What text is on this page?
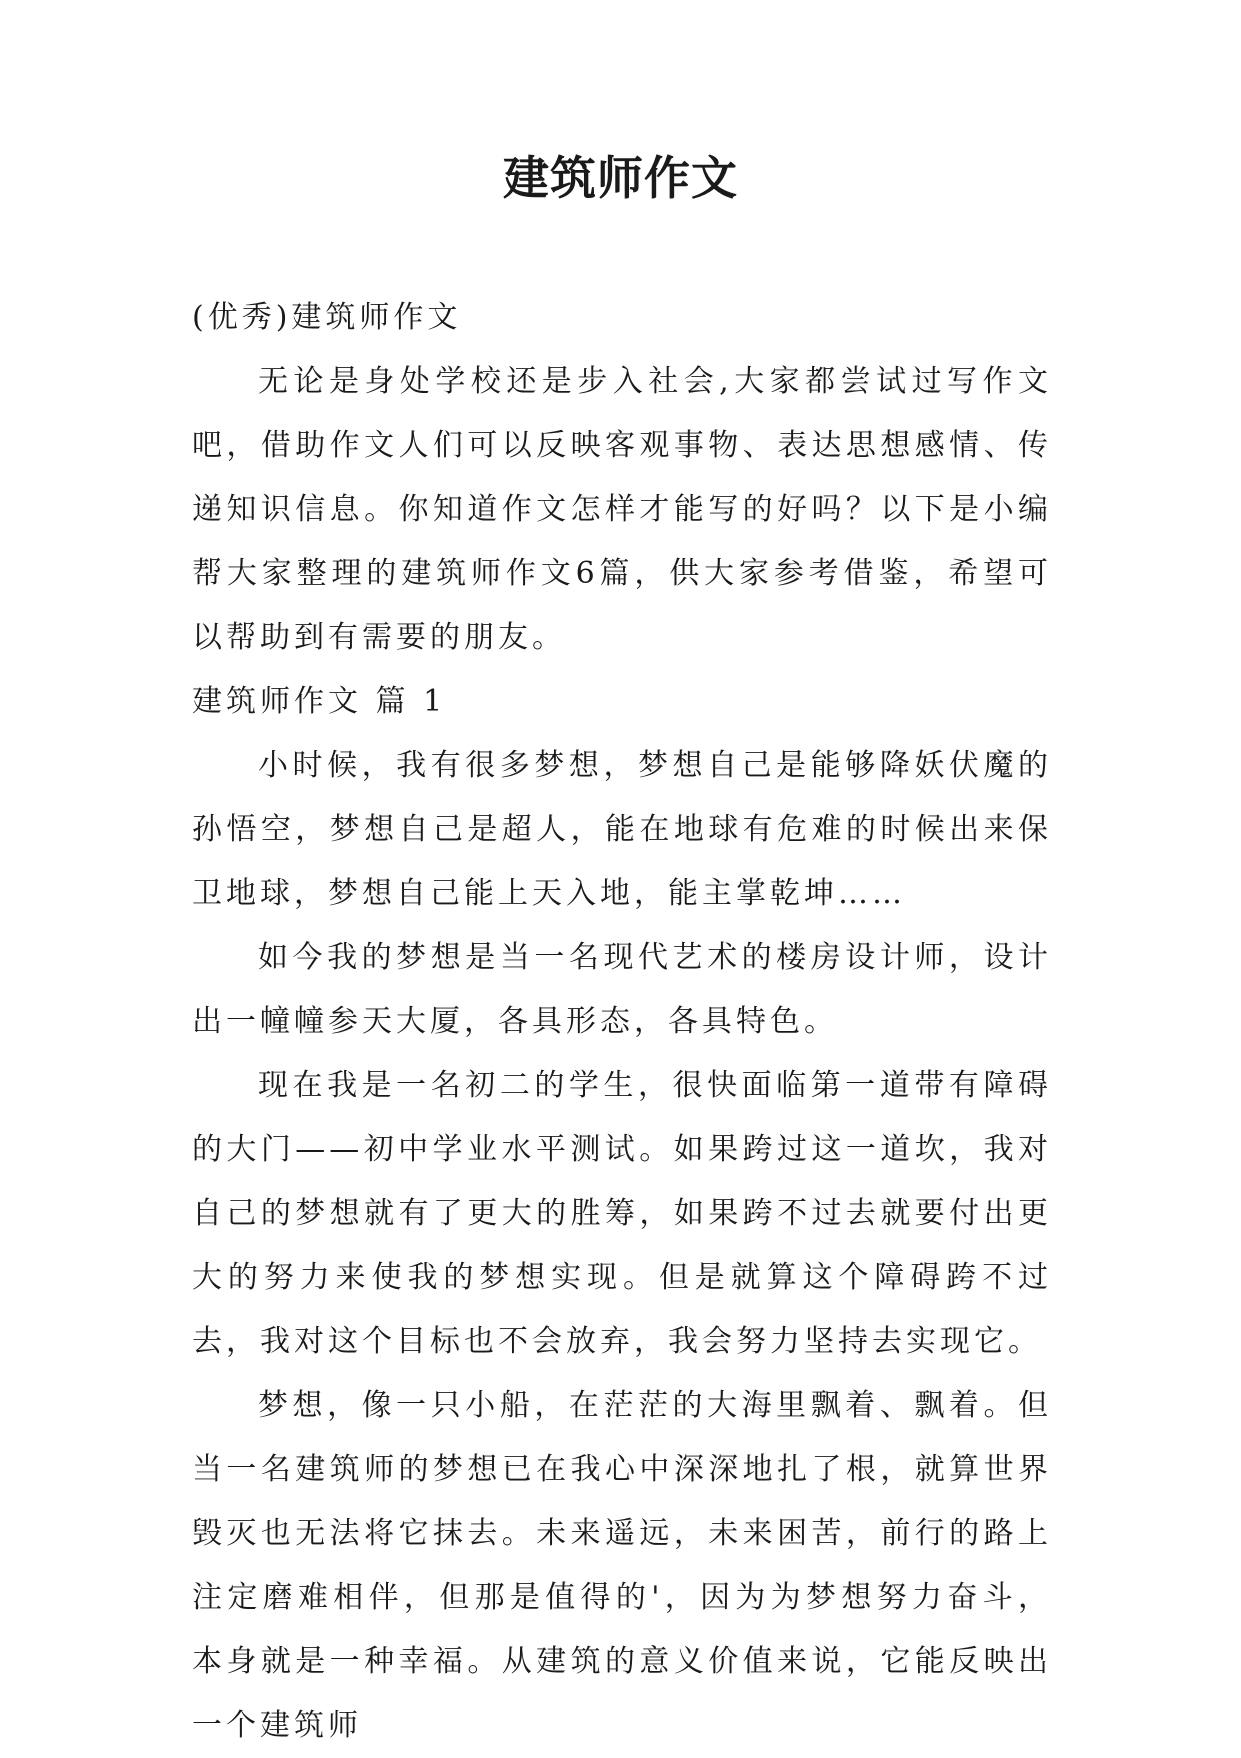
建筑师作文

(优秀)建筑师作文

无论是身处学校还是步入社会,大家都尝试过写作文吧，借助作文人们可以反映客观事物、表达思想感情、传递知识信息。你知道作文怎样才能写的好吗？以下是小编帮大家整理的建筑师作文6篇，供大家参考借鉴，希望可以帮助到有需要的朋友。

建筑师作文 篇 1

小时候，我有很多梦想，梦想自己是能够降妖伏魔的孙悟空，梦想自己是超人，能在地球有危难的时候出来保卫地球，梦想自己能上天入地，能主掌乾坤……

如今我的梦想是当一名现代艺术的楼房设计师，设计出一幢幢参天大厦，各具形态，各具特色。

现在我是一名初二的学生，很快面临第一道带有障碍的大门——初中学业水平测试。如果跨过这一道坎，我对自己的梦想就有了更大的胜筹，如果跨不过去就要付出更大的努力来使我的梦想实现。但是就算这个障碍跨不过去，我对这个目标也不会放弃，我会努力坚持去实现它。

梦想，像一只小船，在茫茫的大海里飘着、飘着。但当一名建筑师的梦想已在我心中深深地扎了根，就算世界毁灭也无法将它抹去。未来遥远，未来困苦，前行的路上注定磨难相伴，但那是值得的'，因为为梦想努力奋斗，本身就是一种幸福。从建筑的意义价值来说，它能反映出一个建筑师
